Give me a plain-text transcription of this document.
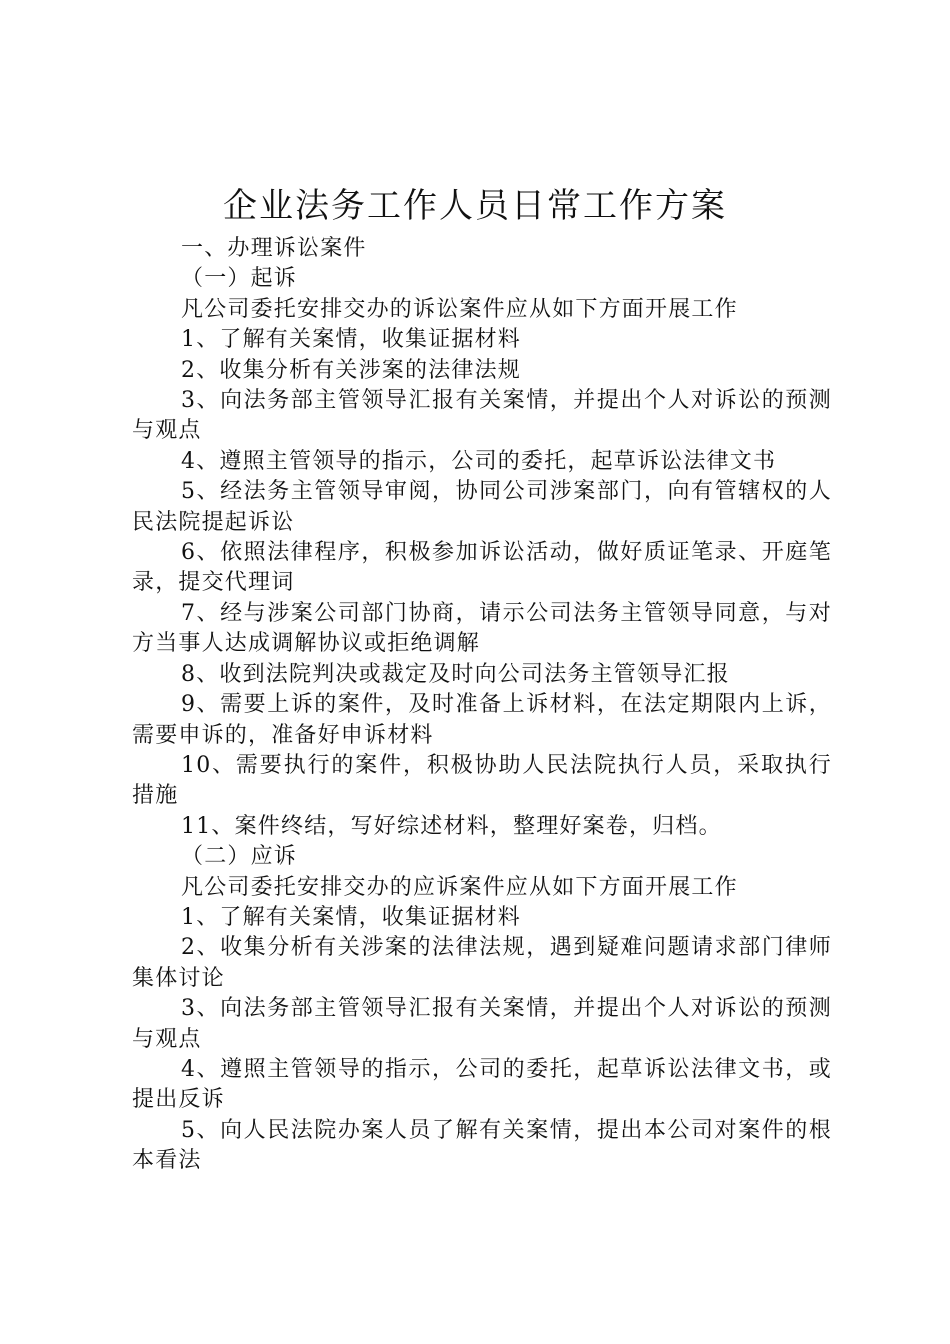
企业法务工作人员日常工作方案

一、办理诉讼案件

（一）起诉

凡公司委托安排交办的诉讼案件应从如下方面开展工作

1、了解有关案情，收集证据材料

2、收集分析有关涉案的法律法规

3、向法务部主管领导汇报有关案情，并提出个人对诉讼的预测与观点

4、遵照主管领导的指示，公司的委托，起草诉讼法律文书

5、经法务主管领导审阅，协同公司涉案部门，向有管辖权的人民法院提起诉讼

6、依照法律程序，积极参加诉讼活动，做好质证笔录、开庭笔录，提交代理词

7、经与涉案公司部门协商，请示公司法务主管领导同意，与对方当事人达成调解协议或拒绝调解

8、收到法院判决或裁定及时向公司法务主管领导汇报

9、需要上诉的案件，及时准备上诉材料，在法定期限内上诉，需要申诉的，准备好申诉材料

10、需要执行的案件，积极协助人民法院执行人员，采取执行措施

11、案件终结，写好综述材料，整理好案卷，归档。

（二）应诉

凡公司委托安排交办的应诉案件应从如下方面开展工作

1、了解有关案情，收集证据材料

2、收集分析有关涉案的法律法规，遇到疑难问题请求部门律师集体讨论

3、向法务部主管领导汇报有关案情，并提出个人对诉讼的预测与观点

4、遵照主管领导的指示，公司的委托，起草诉讼法律文书，或提出反诉

5、向人民法院办案人员了解有关案情，提出本公司对案件的根本看法
